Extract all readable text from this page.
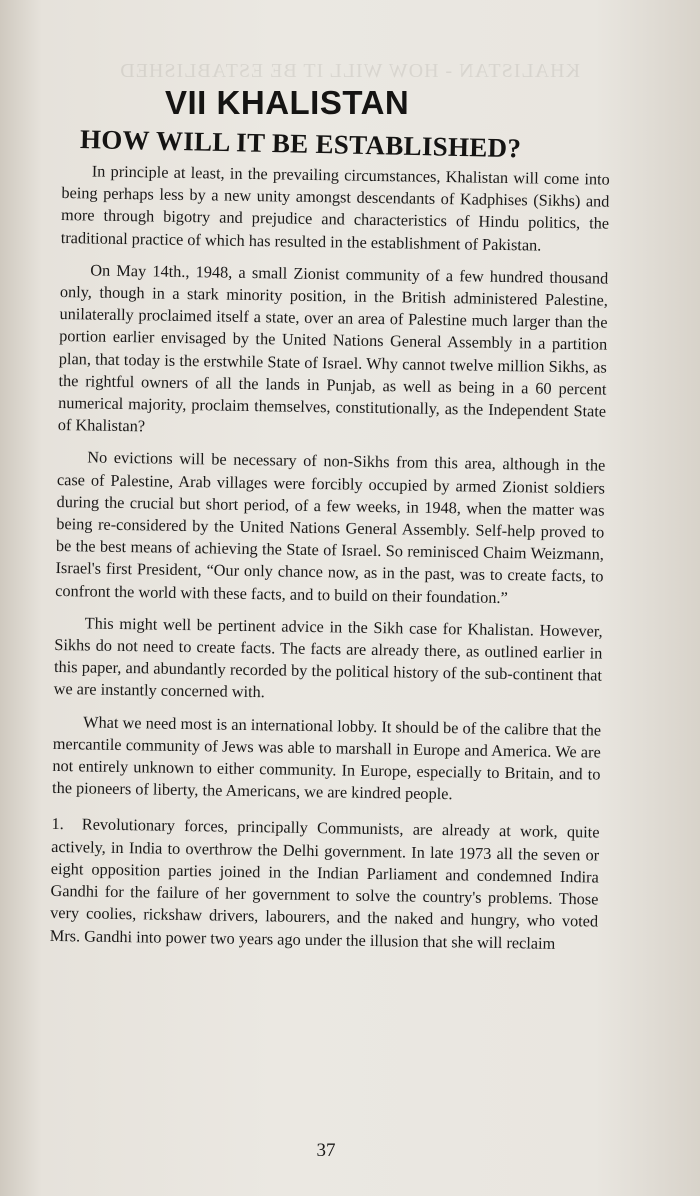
KHALISTAN - HOW WILL IT BE ESTABLISHED
VII KHALISTAN
HOW WILL IT BE ESTABLISHED?

In principle at least, in the prevailing circumstances, Khalistan will come into being perhaps less by a new unity amongst descendants of Kadphises (Sikhs) and more through bigotry and prejudice and characteristics of Hindu politics, the traditional practice of which has resulted in the establishment of Pakistan.

On May 14th., 1948, a small Zionist community of a few hundred thousand only, though in a stark minority position, in the British administered Palestine, unilaterally proclaimed itself a state, over an area of Palestine much larger than the portion earlier envisaged by the United Nations General Assembly in a partition plan, that today is the erstwhile State of Israel. Why cannot twelve million Sikhs, as the rightful owners of all the lands in Punjab, as well as being in a 60 percent numerical majority, proclaim themselves, constitutionally, as the Independent State of Khalistan?

No evictions will be necessary of non-Sikhs from this area, although in the case of Palestine, Arab villages were forcibly occupied by armed Zionist soldiers during the crucial but short period, of a few weeks, in 1948, when the matter was being re-considered by the United Nations General Assembly. Self-help proved to be the best means of achieving the State of Israel. So reminisced Chaim Weizmann, Israel's first President, “Our only chance now, as in the past, was to create facts, to confront the world with these facts, and to build on their foundation.”

This might well be pertinent advice in the Sikh case for Khalistan. However, Sikhs do not need to create facts. The facts are already there, as outlined earlier in this paper, and abundantly recorded by the political history of the sub-continent that we are instantly concerned with.

What we need most is an international lobby. It should be of the calibre that the mercantile community of Jews was able to marshall in Europe and America. We are not entirely unknown to either community. In Europe, especially to Britain, and to the pioneers of liberty, the Americans, we are kindred people.

1. Revolutionary forces, principally Communists, are already at work, quite actively, in India to overthrow the Delhi government. In late 1973 all the seven or eight opposition parties joined in the Indian Parliament and condemned Indira Gandhi for the failure of her government to solve the country's problems. Those very coolies, rickshaw drivers, labourers, and the naked and hungry, who voted Mrs. Gandhi into power two years ago under the illusion that she will reclaim

37
